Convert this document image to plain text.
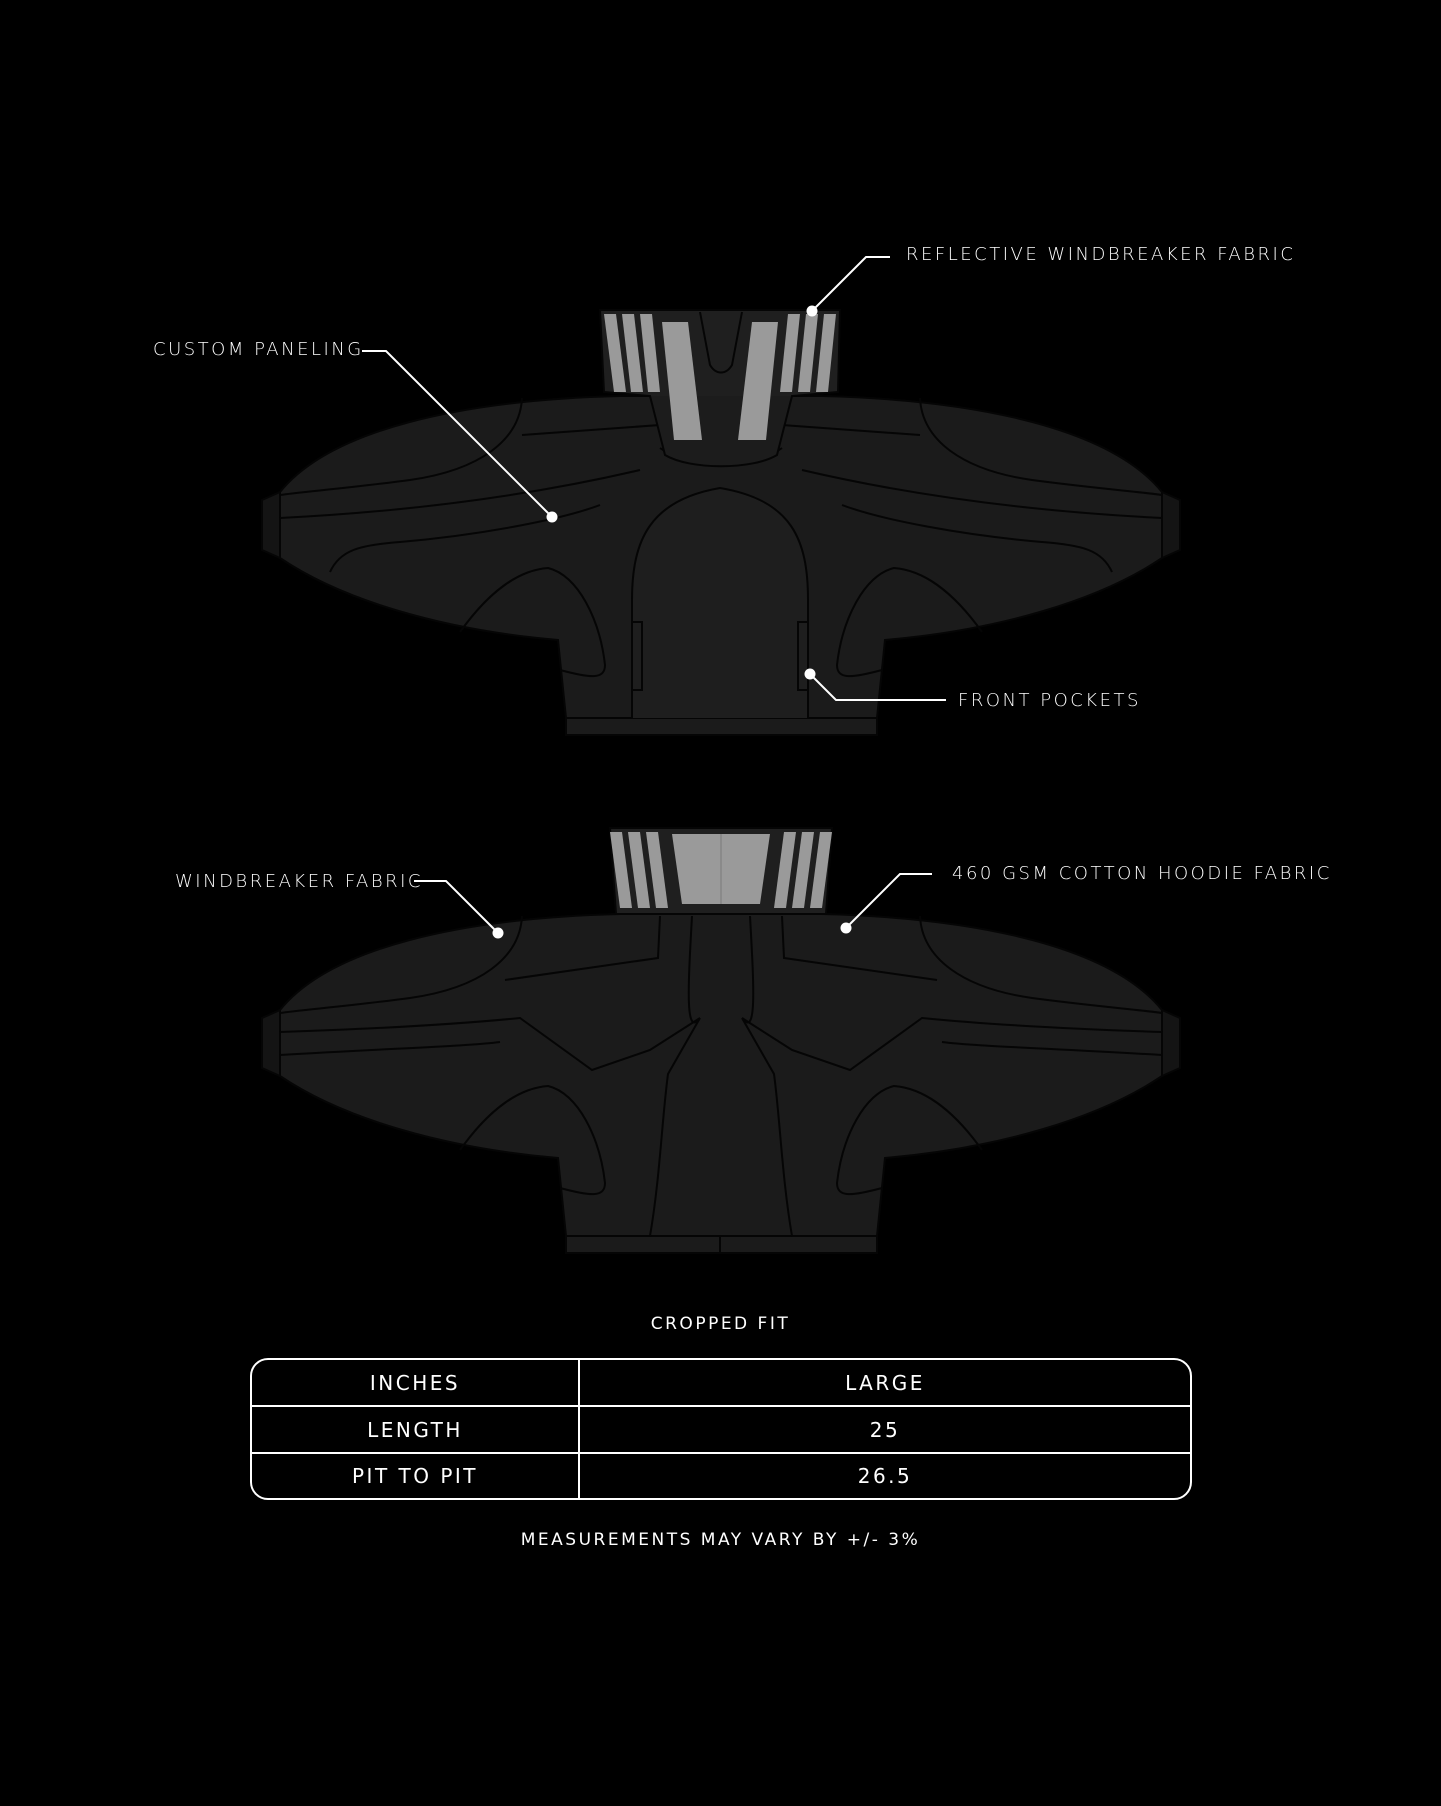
REFLECTIVE WINDBREAKER FABRIC
CUSTOM PANELING
FRONT POCKETS
WINDBREAKER FABRIC	460 GSM COTTON HOODIE FABRIC
CROPPED FIT
INCHES	LARGE
LENGTH	25
PIT TO PIT	26.5
MEASUREMENTS MAY VARY BY +/- 3%
